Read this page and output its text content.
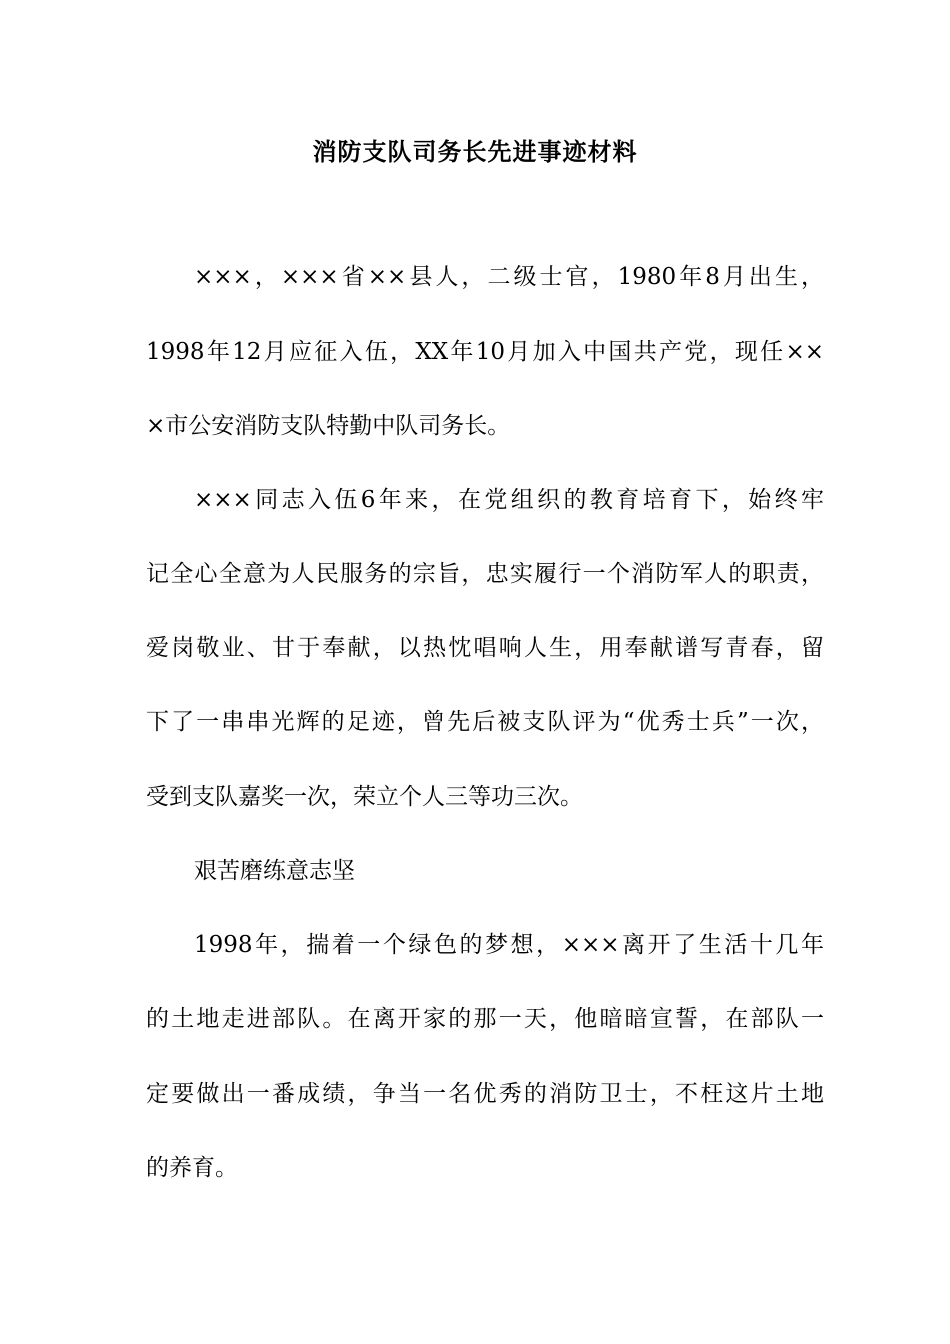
消防支队司务长先进事迹材料
×××，×××省××县人，二级士官，1980年8月出生，
1998年12月应征入伍，XX年10月加入中国共产党，现任××
×市公安消防支队特勤中队司务长。
×××同志入伍6年来，在党组织的教育培育下，始终牢
记全心全意为人民服务的宗旨，忠实履行一个消防军人的职责，
爱岗敬业、甘于奉献，以热忱唱响人生，用奉献谱写青春，留
下了一串串光辉的足迹，曾先后被支队评为“优秀士兵”一次，
受到支队嘉奖一次，荣立个人三等功三次。
艰苦磨练意志坚
1998年，揣着一个绿色的梦想，×××离开了生活十几年
的土地走进部队。在离开家的那一天，他暗暗宣誓，在部队一
定要做出一番成绩，争当一名优秀的消防卫士，不枉这片土地
的养育。
